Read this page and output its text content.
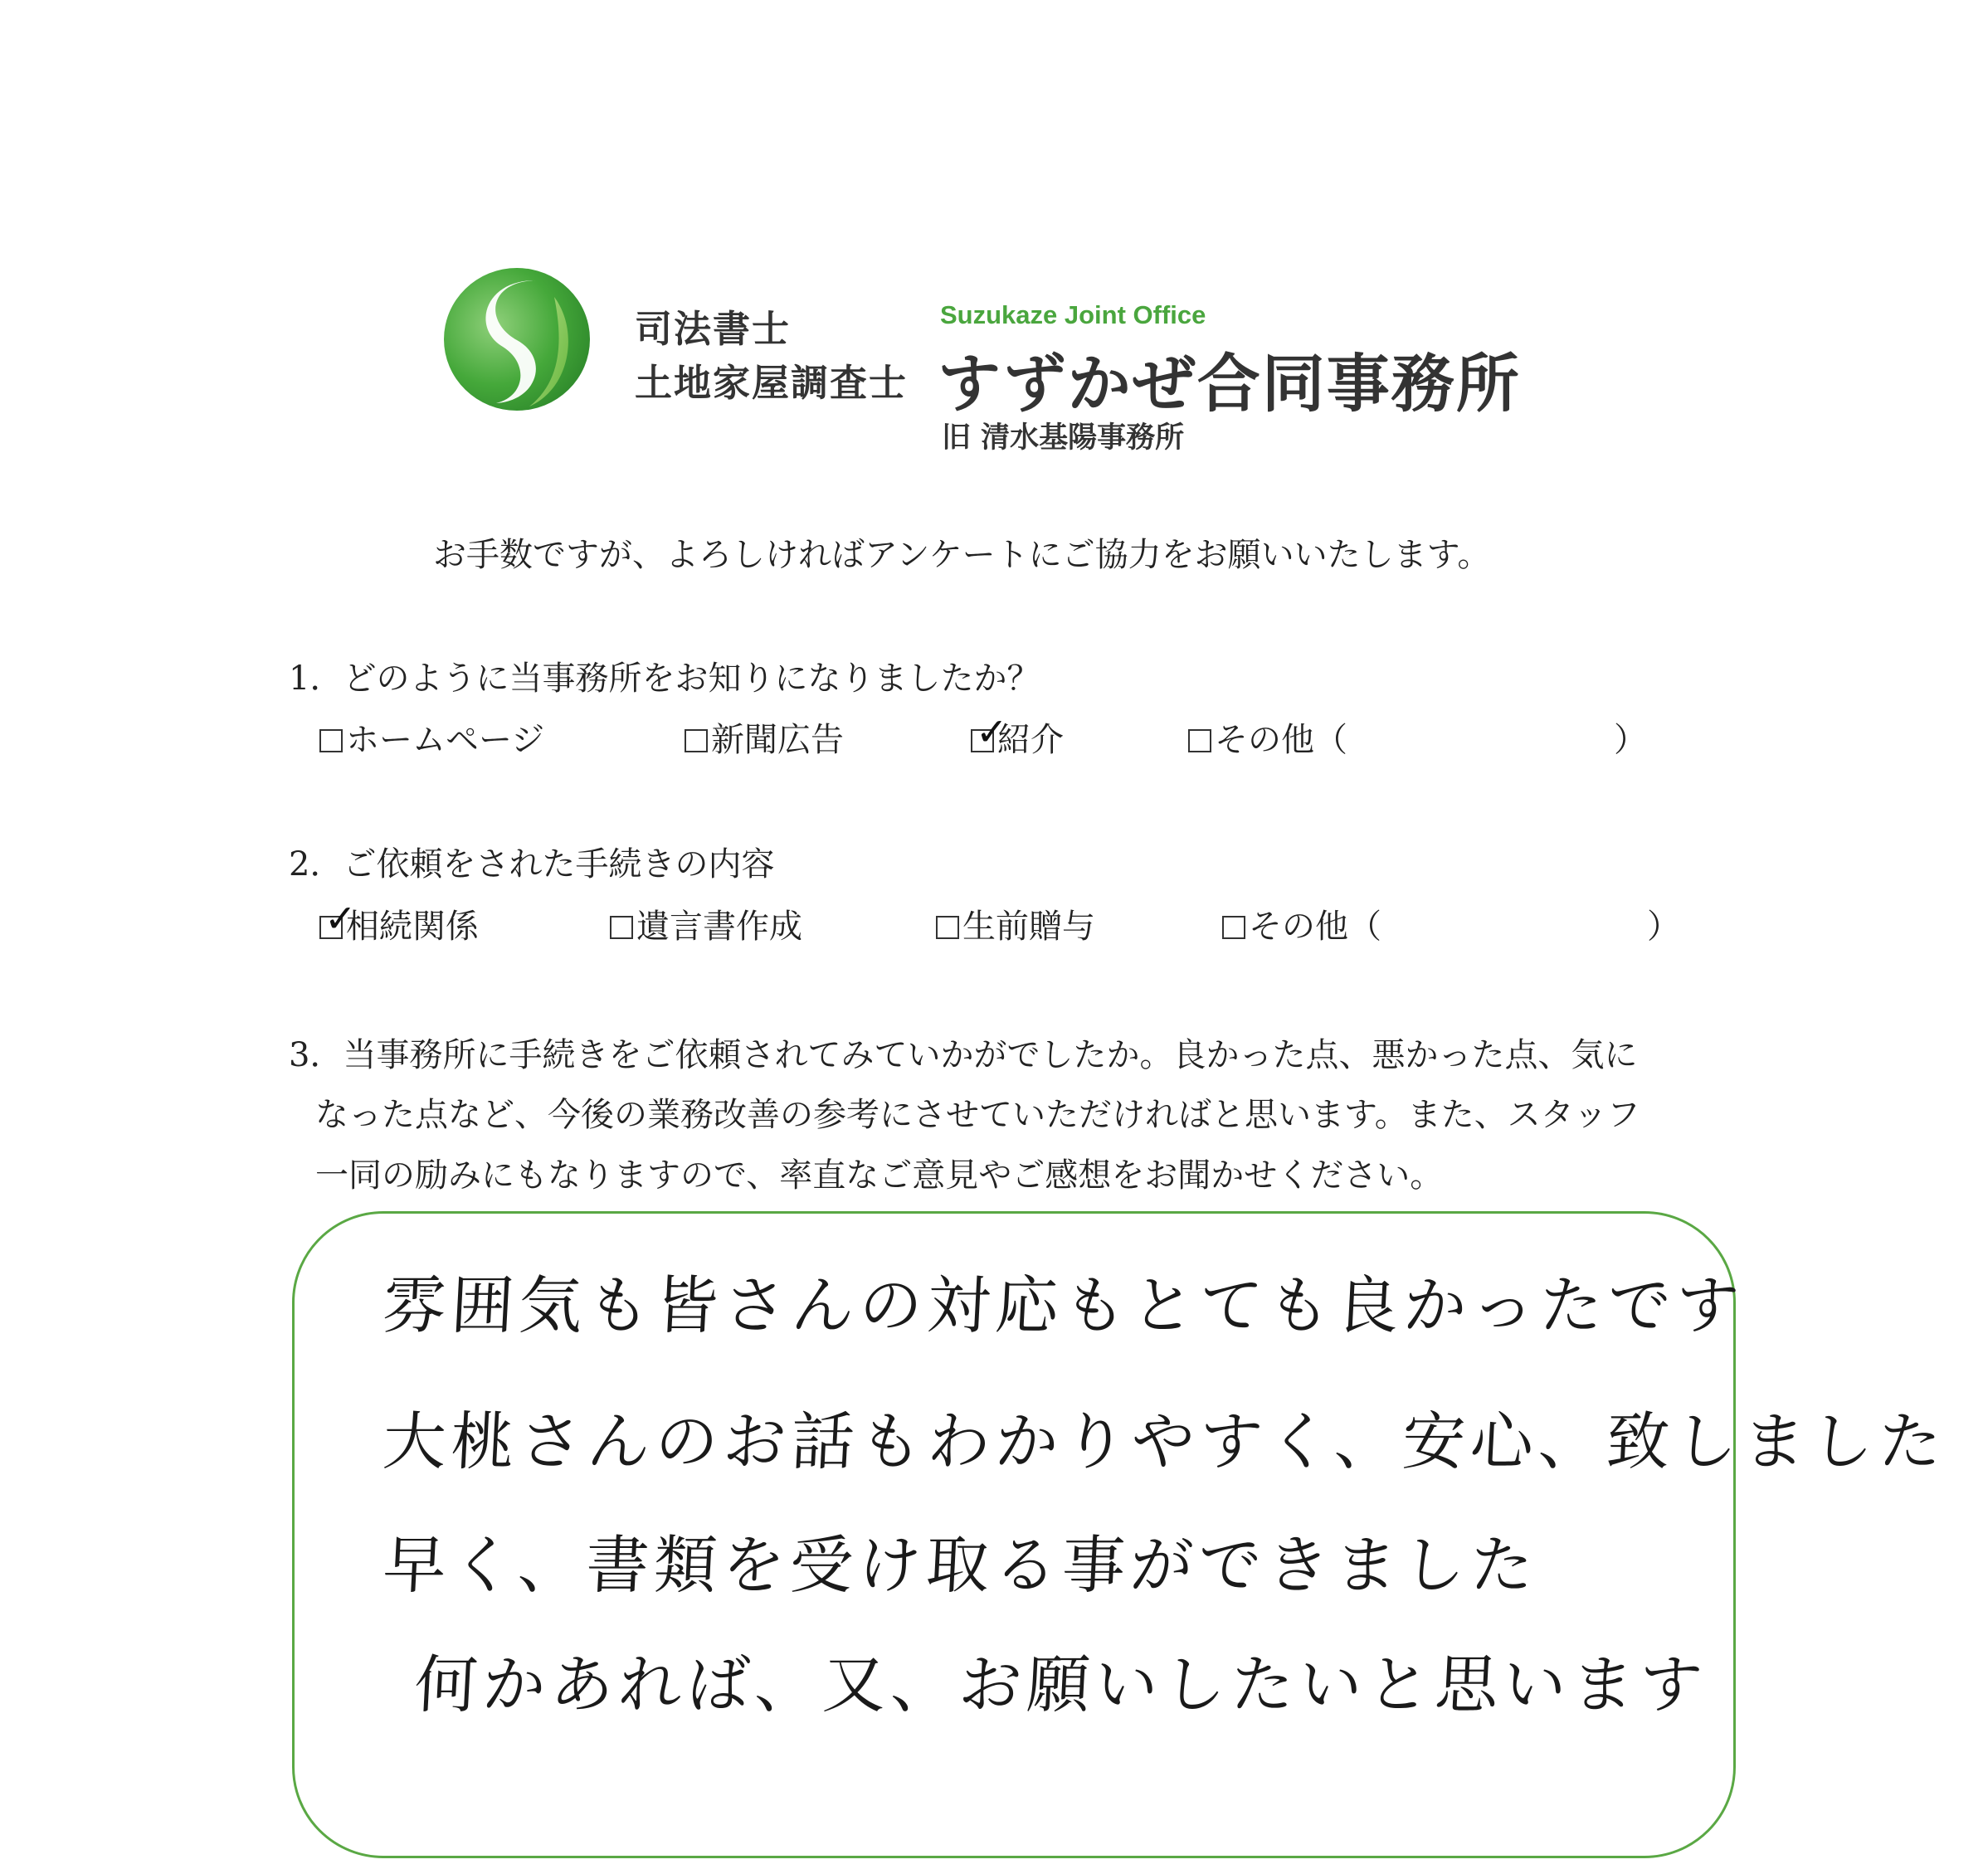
司法書士
土地家屋調査士
Suzukaze Joint Office
すずかぜ合同事務所
旧 清水基陽事務所
お手数ですが、よろしければアンケートにご協力をお願いいたします。
1．どのように当事務所をお知りになりましたか？
ホームページ	新聞広告	✓
紹介	その他（	）
2．ご依頼をされた手続きの内容
✓
相続関係	遺言書作成	生前贈与	その他（	）
3．当事務所に手続きをご依頼されてみていかがでしたか。良かった点、悪かった点、気に
なった点など、今後の業務改善の参考にさせていただければと思います。また、スタッフ
一同の励みにもなりますので、率直なご意見やご感想をお聞かせください。
雰囲気も皆さんの対応もとても良かったです
大桃さんのお話もわかりやすく、安心、致しました
早く、書類を受け取る事ができました
何かあれば、又、お願いしたいと思います
